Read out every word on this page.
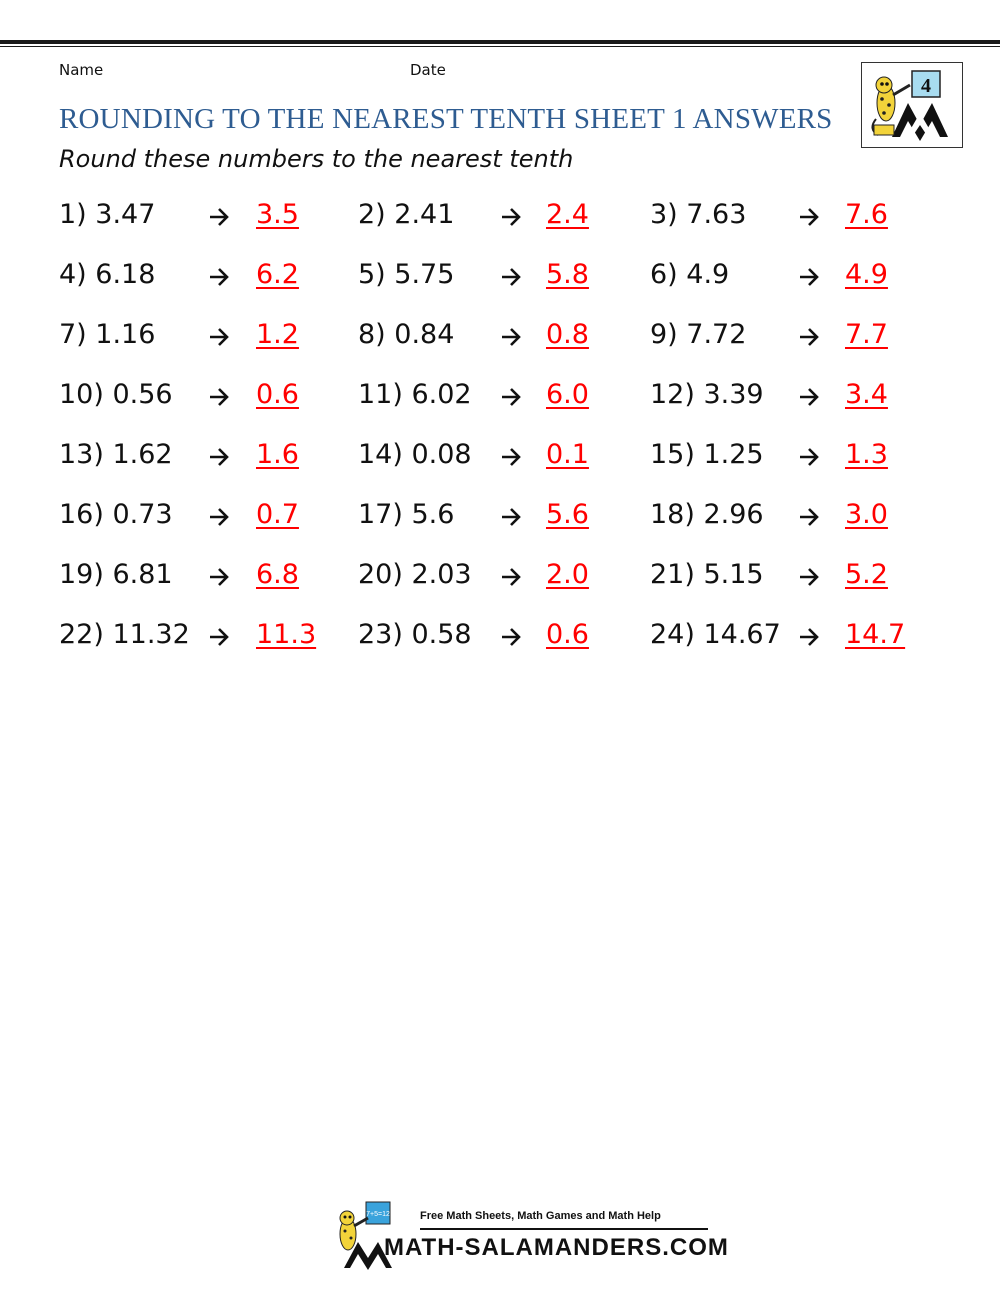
Name	Date
4
ROUNDING TO THE NEAREST TENTH SHEET 1 ANSWERS
Round these numbers to the nearest tenth
1) 3.47	3.5 2) 2.41	2.4 3) 7.63	7.6
4) 6.18	6.2 5) 5.75	5.8 6) 4.9	4.9
7) 1.16	1.2 8) 0.84	0.8 9) 7.72	7.7
10) 0.56	0.6 11) 6.02	6.0 12) 3.39	3.4
13) 1.62	1.6 14) 0.08	0.1 15) 1.25	1.3
16) 0.73	0.7 17) 5.6	5.6 18) 2.96	3.0
19) 6.81	6.8 20) 2.03	2.0 21) 5.15	5.2
22) 11.32 11.3 23) 0.58	0.6 24) 14.67 14.7
7+5=12	Free Math Sheets, Math Games and Math Help
MATH-SALAMANDERS.COM
